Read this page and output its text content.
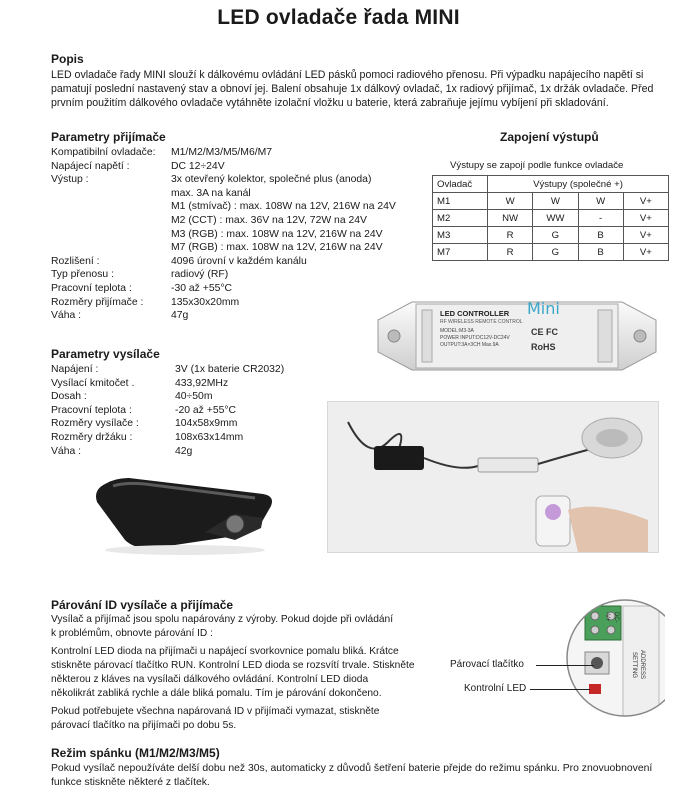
LED ovladače řada MINI
Popis
LED ovladače řady MINI slouží k dálkovému ovládání LED pásků pomoci radiového přenosu. Při výpadku napájecího napětí si
pamatují poslední nastavený stav a obnoví jej. Balení obsahuje 1x dálkový ovladač, 1x radiový přijímač, 1x držák ovladače. Před
prvním použitím dálkového ovladače vytáhněte izolační vložku u baterie, která zabraňuje jejímu vybíjení při skladování.
Parametry přijímače
Kompatibilní ovladače:	M1/M2/M3/M5/M6/M7
Napájecí napětí :	DC 12÷24V
Výstup :	3x otevřený kolektor, společné plus (anoda)
max. 3A na kanál
M1 (stmívač) : max. 108W na 12V, 216W na 24V
M2 (CCT) : max. 36V na 12V, 72W na 24V
M3 (RGB) : max. 108W na 12V, 216W na 24V
M7 (RGB) : max. 108W na 12V, 216W na 24V
Rozlišení :	4096 úrovní v každém kanálu
Typ přenosu :	radiový (RF)
Pracovní teplota :	-30 až +55°C
Rozměry přijímače :	135x30x20mm
Váha :	47g
Zapojení výstupů
Výstupy se zapojí podle funkce ovladače
Ovladač	Výstupy (společné +)			
M1	W	W	W	V+
M2	NW	WW	-	V+
M3	R	G	B	V+
M7	R	G	B	V+
LED CONTROLLER Mini
RF WIRELESS REMOTE CONTROL
MODEL:M3-3A
POWER INPUT:DC12V-DC24V
OUTPUT:3A×3CH Max.9A
CE FC
RoHS
Parametry vysílače
Napájení :	3V (1x baterie CR2032)
Vysílací kmitočet .	433,92MHz
Dosah :	40÷50m
Pracovní teplota :	-20 až +55°C
Rozměry vysílače :	104x58x9mm
Rozměry držáku :	108x63x14mm
Váha :	42g
Párování ID vysílače a přijímače
Vysílač a přijímač jsou spolu napárovány z výroby. Pokud dojde při ovládání
k problémům, obnovte párování ID :
Kontrolní LED dioda na přijímači u napájecí svorkovnice pomalu bliká. Krátce
stiskněte párovací tlačítko RUN. Kontrolní LED dioda se rozsvítí trvale. Stiskněte
některou z kláves na vysílači dálkového ovládání. Kontrolní LED dioda
několikrát zabliká rychle a dále bliká pomalu. Tím je párování dokončeno.
Pokud potřebujete všechna napárovaná ID v přijímači vymazat, stiskněte
párovací tlačítko na přijímači po dobu 5s.
-V+ DC-
ADDRESS
SETTING
Párovací tlačítko
Kontrolní LED
Režim spánku (M1/M2/M3/M5)
Pokud vysílač nepoužíváte delší dobu než 30s, automaticky z důvodů šetření baterie přejde do režimu spánku. Pro znovuobnovení
funkce stiskněte některé z tlačítek.
